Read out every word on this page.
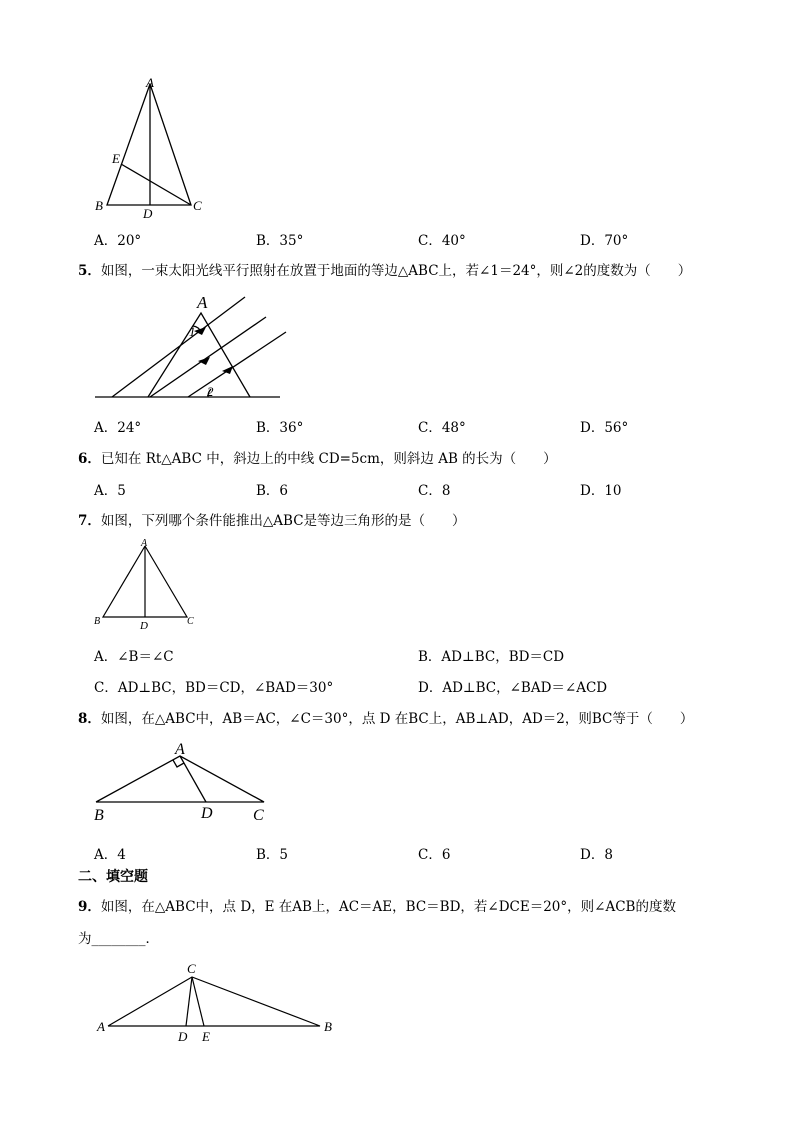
A
E
B
D
C
A．20°	B．35°	C．40°	D．70°
5．如图，一束太阳光线平行照射在放置于地面的等边△ABC上，若∠1＝24°，则∠2的度数为（　　）
A
1
2
A．24°	B．36°	C．48°	D．56°
6．已知在 Rt△ABC 中，斜边上的中线 CD=5cm，则斜边 AB 的长为（　　）
A．5	B．6	C．8	D．10
7．如图，下列哪个条件能推出△ABC是等边三角形的是（　　）
A
B	D	C
A．∠B＝∠C	B．AD⊥BC，BD＝CD
C．AD⊥BC，BD＝CD，∠BAD＝30°	D．AD⊥BC，∠BAD＝∠ACD
8．如图，在△ABC中，AB＝AC，∠C＝30°，点 D 在BC上，AB⊥AD，AD＝2，则BC等于（　　）
A
B	D	C
A．4	B．5	C．6	D．8
二、填空题
9．如图，在△ABC中，点 D，E 在AB上，AC＝AE，BC＝BD，若∠DCE＝20°，则∠ACB的度数
为________．
C
A
D E
B
